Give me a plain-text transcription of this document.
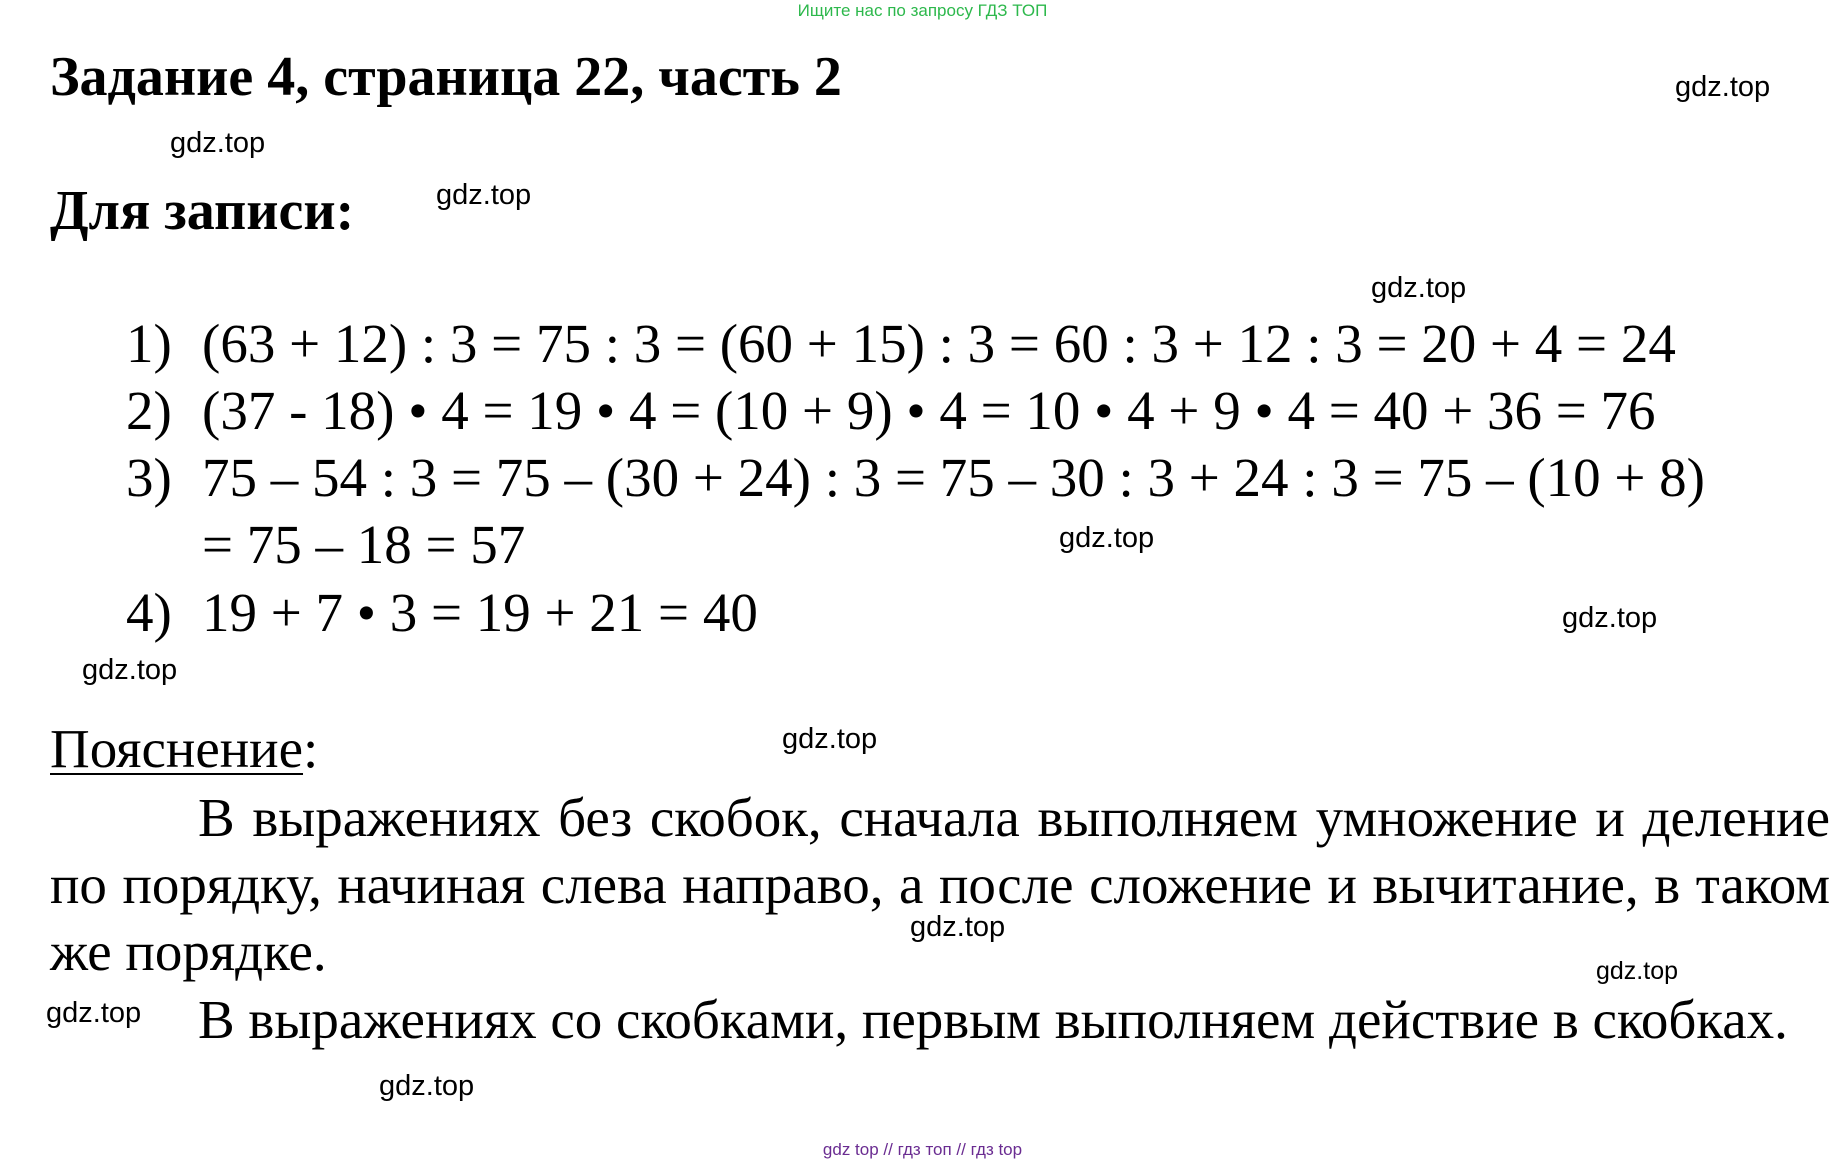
Ищите нас по запросу ГДЗ ТОП
Задание 4, страница 22, часть 2
Для записи:
1) (63 + 12) : 3 = 75 : 3 = (60 + 15) : 3 = 60 : 3 + 12 : 3 = 20 + 4 = 24
2) (37 - 18) • 4 = 19 • 4 = (10 + 9) • 4 = 10 • 4 + 9 • 4 = 40 + 36 = 76
3) 75 – 54 : 3 = 75 – (30 + 24) : 3 = 75 – 30 : 3 + 24 : 3 = 75 – (10 + 8)
= 75 – 18 = 57
4) 19 + 7 • 3 = 19 + 21 = 40
Пояснение:
В выражениях без скобок, сначала выполняем умножение и деление по порядку, начиная слева направо, а после сложение и вычитание, в таком же порядке.
В выражениях со скобками, первым выполняем действие в скобках.
gdz.top
gdz.top
gdz.top
gdz.top
gdz.top
gdz.top
gdz.top
gdz.top
gdz.top
gdz.top
gdz.top
gdz.top
gdz top // гдз топ // гдз top
